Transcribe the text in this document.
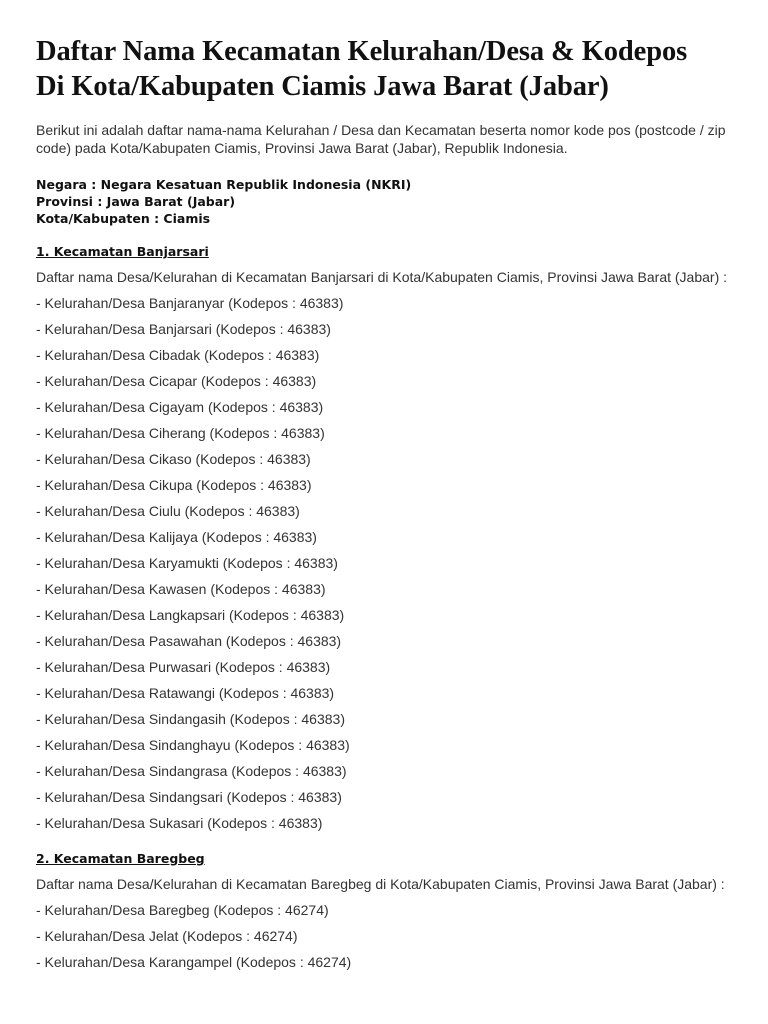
Daftar Nama Kecamatan Kelurahan/Desa & Kodepos
Di Kota/Kabupaten Ciamis Jawa Barat (Jabar)

Berikut ini adalah daftar nama-nama Kelurahan / Desa dan Kecamatan beserta nomor kode pos (postcode / zip code) pada Kota/Kabupaten Ciamis, Provinsi Jawa Barat (Jabar), Republik Indonesia.

Negara : Negara Kesatuan Republik Indonesia (NKRI)
Provinsi : Jawa Barat (Jabar)
Kota/Kabupaten : Ciamis
1. Kecamatan Banjarsari
Daftar nama Desa/Kelurahan di Kecamatan Banjarsari di Kota/Kabupaten Ciamis, Provinsi Jawa Barat (Jabar) :
- Kelurahan/Desa Banjaranyar (Kodepos : 46383)
- Kelurahan/Desa Banjarsari (Kodepos : 46383)
- Kelurahan/Desa Cibadak (Kodepos : 46383)
- Kelurahan/Desa Cicapar (Kodepos : 46383)
- Kelurahan/Desa Cigayam (Kodepos : 46383)
- Kelurahan/Desa Ciherang (Kodepos : 46383)
- Kelurahan/Desa Cikaso (Kodepos : 46383)
- Kelurahan/Desa Cikupa (Kodepos : 46383)
- Kelurahan/Desa Ciulu (Kodepos : 46383)
- Kelurahan/Desa Kalijaya (Kodepos : 46383)
- Kelurahan/Desa Karyamukti (Kodepos : 46383)
- Kelurahan/Desa Kawasen (Kodepos : 46383)
- Kelurahan/Desa Langkapsari (Kodepos : 46383)
- Kelurahan/Desa Pasawahan (Kodepos : 46383)
- Kelurahan/Desa Purwasari (Kodepos : 46383)
- Kelurahan/Desa Ratawangi (Kodepos : 46383)
- Kelurahan/Desa Sindangasih (Kodepos : 46383)
- Kelurahan/Desa Sindanghayu (Kodepos : 46383)
- Kelurahan/Desa Sindangrasa (Kodepos : 46383)
- Kelurahan/Desa Sindangsari (Kodepos : 46383)
- Kelurahan/Desa Sukasari (Kodepos : 46383)
2. Kecamatan Baregbeg
Daftar nama Desa/Kelurahan di Kecamatan Baregbeg di Kota/Kabupaten Ciamis, Provinsi Jawa Barat (Jabar) :
- Kelurahan/Desa Baregbeg (Kodepos : 46274)
- Kelurahan/Desa Jelat (Kodepos : 46274)
- Kelurahan/Desa Karangampel (Kodepos : 46274)
